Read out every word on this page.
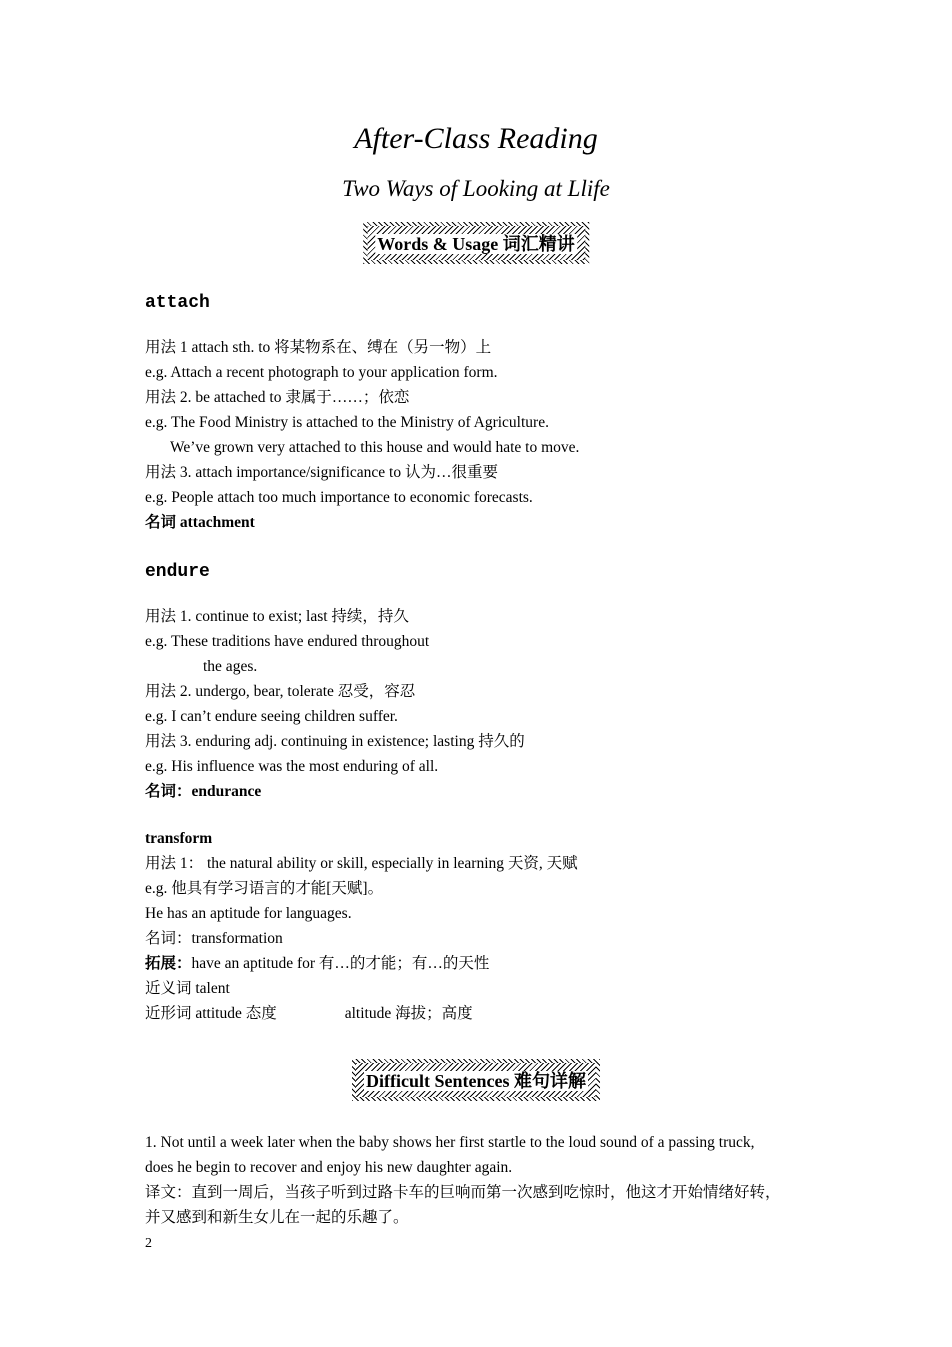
After-Class Reading
Two Ways of Looking at Llife
Words & Usage 词汇精讲
attach
用法 1 attach sth. to 将某物系在、缚在（另一物）上
e.g. Attach a recent photograph to your application form.
用法 2. be attached to 隶属于……；依恋
e.g. The Food Ministry is attached to the Ministry of Agriculture.
We’ve grown very attached to this house and would hate to move.
用法 3. attach importance/significance to 认为…很重要
e.g. People attach too much importance to economic forecasts.
名词 attachment
endure
用法 1. continue to exist; last 持续，持久
e.g. These traditions have endured throughout
the ages.
用法 2. undergo, bear, tolerate 忍受，容忍
e.g. I can’t endure seeing children suffer.
用法 3. enduring adj. continuing in existence; lasting 持久的
e.g. His influence was the most enduring of all.
名词：endurance
transform
用法 1： the natural ability or skill, especially in learning 天资, 天赋
e.g. 他具有学习语言的才能[天赋]。
He has an aptitude for languages.
名词：transformation
拓展：have an aptitude for 有…的才能；有…的天性
近义词 talent
近形词 attitude 态度	altitude 海拔；高度
Difficult Sentences 难句详解
1. Not until a week later when the baby shows her first startle to the loud sound of a passing truck,
does he begin to recover and enjoy his new daughter again.
译文：直到一周后，当孩子听到过路卡车的巨响而第一次感到吃惊时，他这才开始情绪好转，
并又感到和新生女儿在一起的乐趣了。
2
